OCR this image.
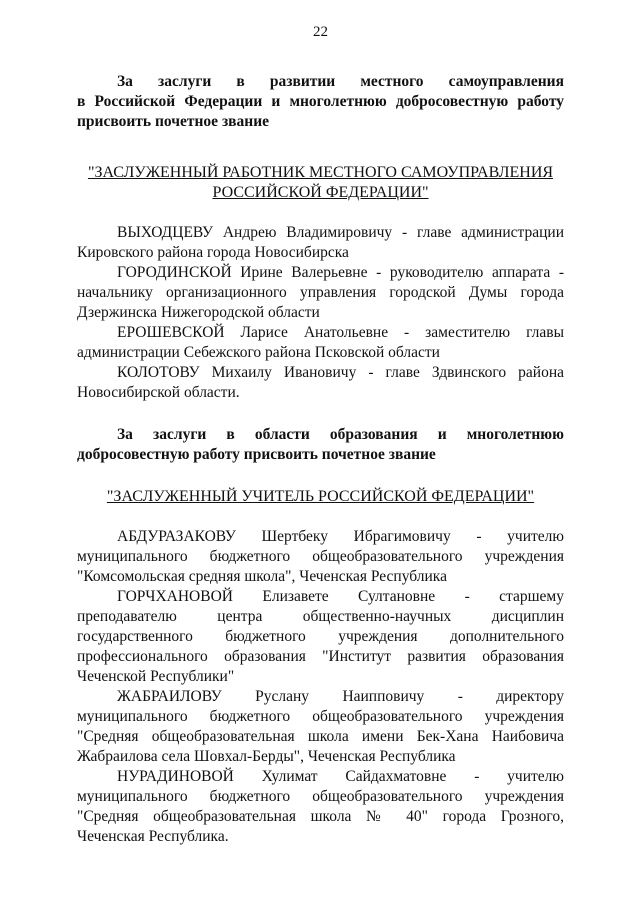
22

За заслуги в развитии местного самоуправления
в Российской Федерации и многолетнюю добросовестную работу
присвоить почетное звание

"ЗАСЛУЖЕННЫЙ РАБОТНИК МЕСТНОГО САМОУПРАВЛЕНИЯ
РОССИЙСКОЙ ФЕДЕРАЦИИ"

ВЫХОДЦЕВУ Андрею Владимировичу - главе администрации
Кировского района города Новосибирска

ГОРОДИНСКОЙ Ирине Валерьевне - руководителю аппарата -
начальнику организационного управления городской Думы города
Дзержинска Нижегородской области

ЕРОШЕВСКОЙ Ларисе Анатольевне - заместителю главы
администрации Себежского района Псковской области

КОЛОТОВУ Михаилу Ивановичу - главе Здвинского района
Новосибирской области.

За заслуги в области образования и многолетнюю
добросовестную работу присвоить почетное звание

"ЗАСЛУЖЕННЫЙ УЧИТЕЛЬ РОССИЙСКОЙ ФЕДЕРАЦИИ"

АБДУРАЗАКОВУ Шертбеку Ибрагимовичу - учителю
муниципального бюджетного общеобразовательного учреждения
"Комсомольская средняя школа", Чеченская Республика

ГОРЧХАНОВОЙ Елизавете Султановне - старшему
преподавателю центра общественно-научных дисциплин
государственного бюджетного учреждения дополнительного
профессионального образования "Институт развития образования
Чеченской Республики"

ЖАБРАИЛОВУ Руслану Наипповичу - директору
муниципального бюджетного общеобразовательного учреждения
"Средняя общеобразовательная школа имени Бек-Хана Наибовича
Жабраилова села Шовхал-Берды", Чеченская Республика

НУРАДИНОВОЙ Хулимат Сайдахматовне - учителю
муниципального бюджетного общеобразовательного учреждения
"Средняя общеобразовательная школа № 40" города Грозного,
Чеченская Республика.
